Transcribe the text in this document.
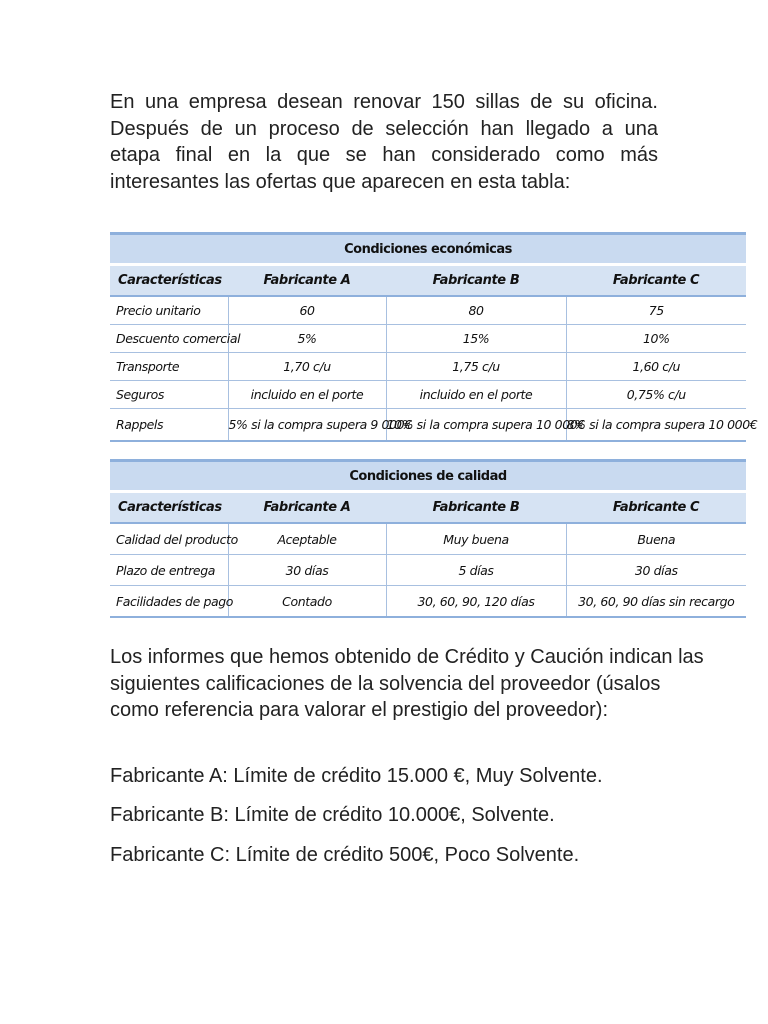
En una empresa desean renovar 150 sillas de su oficina. Después de un proceso de selección han llegado a una etapa final en la que se han considerado como más interesantes las ofertas que aparecen en esta tabla:

Condiciones económicas			
Características	Fabricante A	Fabricante B	Fabricante C
Precio unitario	60	80	75
Descuento comercial	5%	15%	10%
Transporte	1,70 c/u	1,75 c/u	1,60 c/u
Seguros	incluido en el porte	incluido en el porte	0,75% c/u
Rappels	5% si la compra supera 9 000€	10% si la compra supera 10 000€	8% si la compra supera 10 000€
Condiciones de calidad			
Características	Fabricante A	Fabricante B	Fabricante C
Calidad del producto	Aceptable	Muy buena	Buena
Plazo de entrega	30 días	5 días	30 días
Facilidades de pago	Contado	30, 60, 90, 120 días	30, 60, 90 días sin recargo

Los informes que hemos obtenido de Crédito y Caución indican las siguientes calificaciones de la solvencia del proveedor (úsalos como referencia para valorar el prestigio del proveedor):

Fabricante A: Límite de crédito 15.000 €, Muy Solvente.

Fabricante B: Límite de crédito 10.000€, Solvente.

Fabricante C: Límite de crédito 500€, Poco Solvente.
